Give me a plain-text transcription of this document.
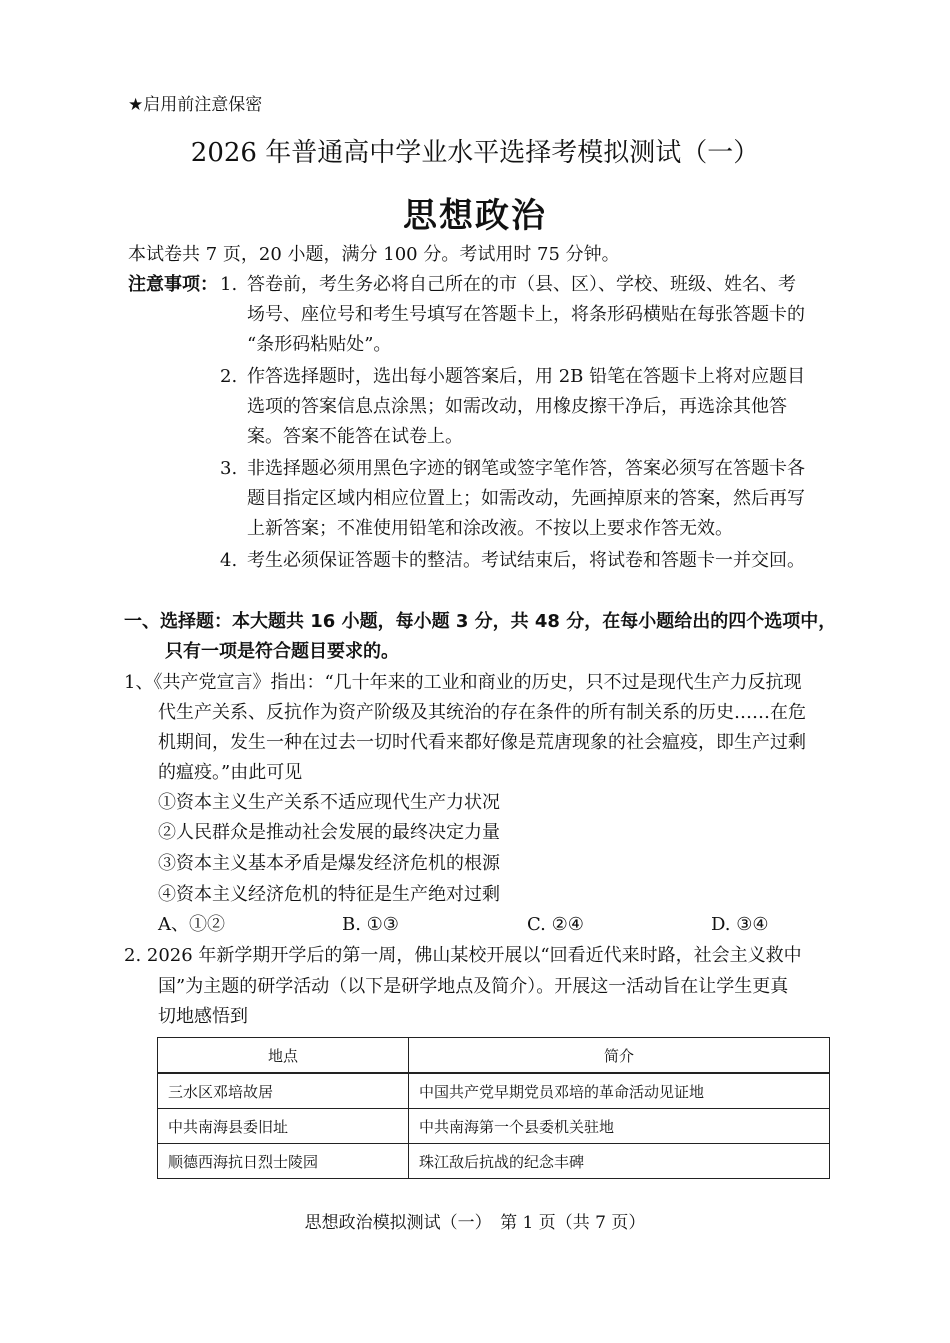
★启用前注意保密
2026 年普通高中学业水平选择考模拟测试（一）
思想政治
本试卷共 7 页，20 小题，满分 100 分。考试用时 75 分钟。
注意事项： 1. 答卷前，考生务必将自己所在的市（县、区）、学校、班级、姓名、考
场号、座位号和考生号填写在答题卡上，将条形码横贴在每张答题卡的
“条形码粘贴处”。
2. 作答选择题时，选出每小题答案后，用 2B 铅笔在答题卡上将对应题目
选项的答案信息点涂黑；如需改动，用橡皮擦干净后，再选涂其他答
案。答案不能答在试卷上。
3. 非选择题必须用黑色字迹的钢笔或签字笔作答，答案必须写在答题卡各
题目指定区域内相应位置上；如需改动，先画掉原来的答案，然后再写
上新答案；不准使用铅笔和涂改液。不按以上要求作答无效。
4. 考生必须保证答题卡的整洁。考试结束后，将试卷和答题卡一并交回。
一、选择题：本大题共 16 小题，每小题 3 分，共 48 分，在每小题给出的四个选项中，
只有一项是符合题目要求的。
1、《共产党宣言》指出：“几十年来的工业和商业的历史，只不过是现代生产力反抗现
代生产关系、反抗作为资产阶级及其统治的存在条件的所有制关系的历史……在危
机期间，发生一种在过去一切时代看来都好像是荒唐现象的社会瘟疫，即生产过剩
的瘟疫。”由此可见
①资本主义生产关系不适应现代生产力状况
②人民群众是推动社会发展的最终决定力量
③资本主义基本矛盾是爆发经济危机的根源
④资本主义经济危机的特征是生产绝对过剩
A、①②	B. ①③	C. ②④	D. ③④
2. 2026 年新学期开学后的第一周，佛山某校开展以“回看近代来时路，社会主义救中
国”为主题的研学活动（以下是研学地点及简介）。开展这一活动旨在让学生更真
切地感悟到
地点	简介
三水区邓培故居	中国共产党早期党员邓培的革命活动见证地
中共南海县委旧址	中共南海第一个县委机关驻地
顺德西海抗日烈士陵园	珠江敌后抗战的纪念丰碑
思想政治模拟测试（一）　第 1 页（共 7 页）
